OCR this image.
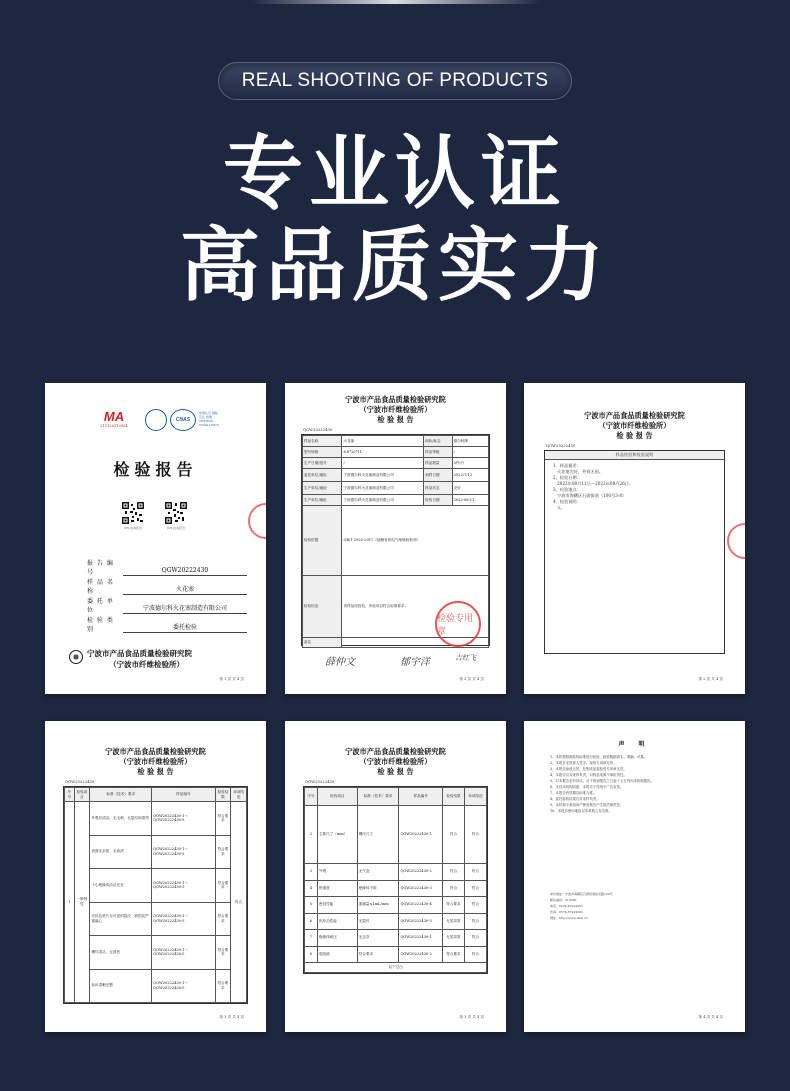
REAL SHOOTING OF PRODUCTS
专业认证
高品质实力
MA
211120110954
CNAS
中国认可 国际互认 检测 TESTING CNAS L0974
检验报告
CPI·检验报告	CPI·检验报告
报 告 编 号	QGW20222430
样 品 名 称	火花塞
委 托 单 位	宁波德尔科火花塞制造有限公司
检 验 类 别	委托检验
宁波市产品食品质量检验研究院
（宁波市纤维检验所）
第 1 页 共 4 页
宁波市产品食品质量检验研究院
（宁波市纤维检验所）
检 验 报 告
QGW20222430
样品名称	火花塞	商标/标志	德尔科牌
型号规格	6.8*20*11	样品等级	/
生产日期/批号	/	样品数量	5件/只
委托单位/地址	宁波德尔科火花塞制造有限公司	到样日期	2022/7/12
生产单位/地址	宁波德尔科火花塞制造有限公司	样品状态	完好
生产单位/地址	宁波德尔科火花塞制造有限公司	检验日期	2022-08-11
检验依据	QB/T 1925-2017《硅酮有机电气绝缘胶粘剂》		
检验结论	该样品经检验，所检项目符合标准要求。		
备注			
检验专用章
薛仲文	郁宇洋	吉红飞
第 2 页 共 4 页
宁波市产品食品质量检验研究院
（宁波市纤维检验所）
检 验 报 告
QGW20222430
样品检验和检验说明
1、样品描述：
火花塞完好，外观无损。
2、检验日期：
2022年08月11日～2022年08月26日。
3、检验地点：
宁波市海曙区石碶街道（100号3-8）
4、检验说明：
无。
第 2 页 共 4 页
宁波市产品食品质量检验研究院
（宁波市纤维检验所）
检 验 报 告
QGW20222430
序号	检验项目	标准（技术）要求	样品编号	检验结果	单项结论
1	一般特性	外观应清洁，无毛刺、无裂纹和损伤	QGW20222430-1～QGW20222430-5	符合要求	符合
		表面无杂质、无油渍	QGW20222430-1～QGW20222430-5	符合要求	
		十心绝缘体清洁光亮	QGW20222430-1～QGW20222430-5	符合要求	
		壳体及垫片无可见的裂纹、缺损及严重偏心	QGW20222430-1～QGW20222430-5	符合要求	
		螺纹清洁，无损伤	QGW20222430-1～QGW20222430-5	符合要求	
		标识清晰完整	QGW20222430-1～QGW20222430-5	符合要求	
第 3 页 共 4 页
宁波市产品食品质量检验研究院
（宁波市纤维检验所）
检 验 报 告
QGW20222430
序号	检验项目	标准（技术）要求	样品编号	检验结果	单项结论
2	主要尺寸（mm）	螺纹尺寸	QGW20222430-1	符合	符合
3	外观	无气泡	QGW20222430-2	符合	符合
4	热强度	绝缘体不碎	QGW20222430-3	符合	符合
5	密封性能	泄漏量≤1mL/min	QGW20222430-4	符合要求	符合
6	热冲击性能	无裂纹	QGW20222430-5	无见异常	符合
7	绝缘体耐压	无击穿	QGW20222430-1	无见异常	符合
8	电阻值	符合要求	QGW20222430-2	符合要求	符合
以下空白					
第 3 页 共 4 页
声 明

1、本机构按照检验标准进行检验，检验数据真实、准确、可靠。

2、本报告无批准人签字、检验专用章无效。

3、本报告涂改无效，复制未加盖检验专用章无效。

4、本报告仅对来样负责，对样品来源不承担责任。

5、对本报告若有异议，应于收到报告之日起十五日内向本机构提出。

6、未经本机构同意，本报告不得用于广告宣传。

7、本报告有效期以标准为准。

8、委托检验结果仅对来样负责。

9、本机构不承担用户使用报告产生的法律责任。

10、本报告使用地址以本机构公布为准。

单位地址：宁波市海曙区石碶街道星光路100号
邮政编码：315000
电话：0574-87919063
传真：0574-87919063
网址：http://www.nbzj.cn
第 4 页 共 4 页
